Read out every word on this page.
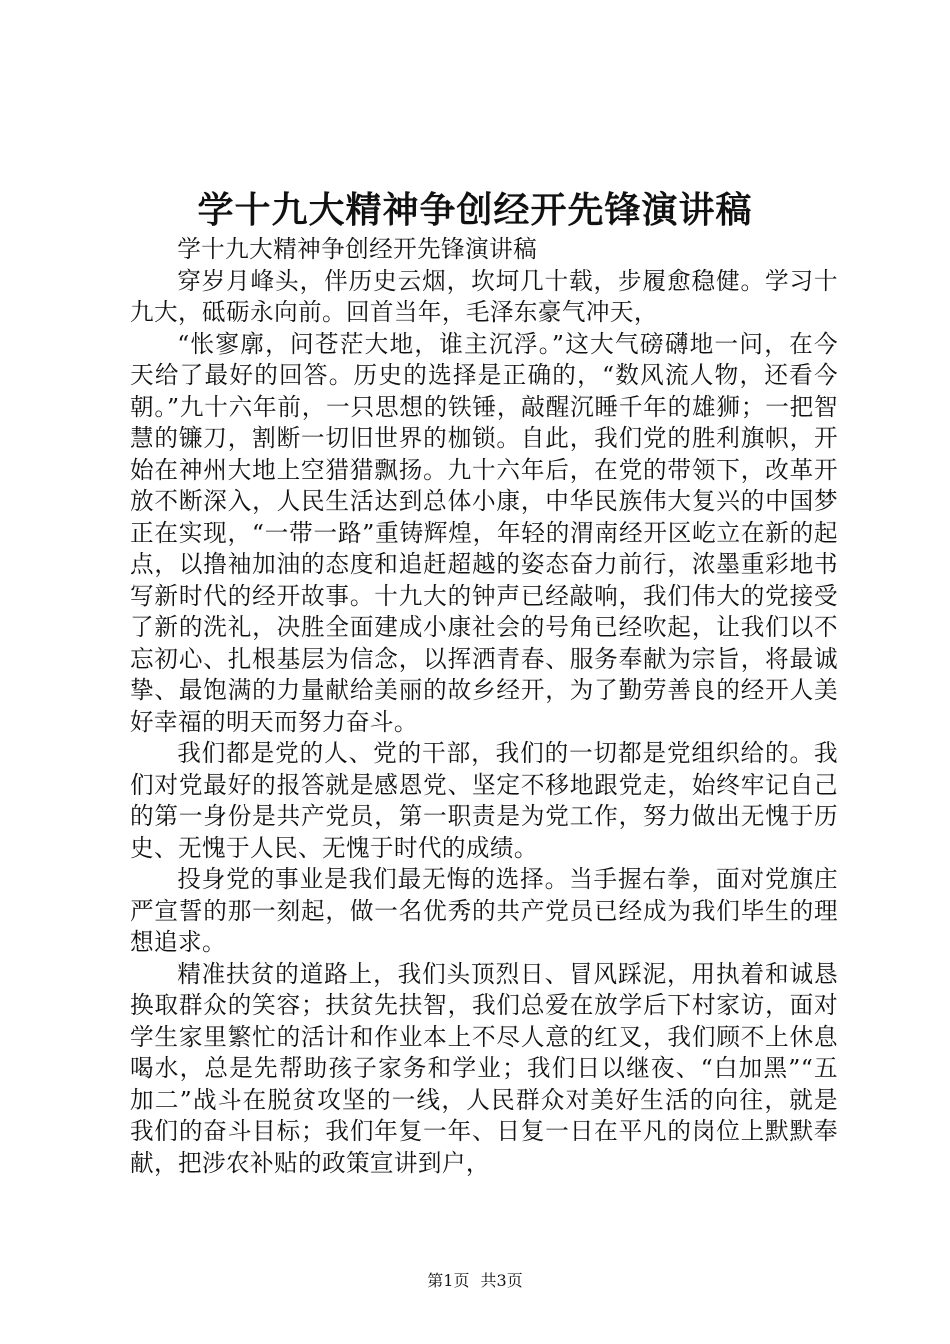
学十九大精神争创经开先锋演讲稿

学十九大精神争创经开先锋演讲稿

穿岁月峰头，伴历史云烟，坎坷几十载，步履愈稳健。学习十九大，砥砺永向前。回首当年，毛泽东豪气冲天，

“怅寥廓，问苍茫大地，谁主沉浮。”这大气磅礴地一问，在今天给了最好的回答。历史的选择是正确的，“数风流人物，还看今朝。”九十六年前，一只思想的铁锤，敲醒沉睡千年的雄狮；一把智慧的镰刀，割断一切旧世界的枷锁。自此，我们党的胜利旗帜，开始在神州大地上空猎猎飘扬。九十六年后，在党的带领下，改革开放不断深入，人民生活达到总体小康，中华民族伟大复兴的中国梦正在实现，“一带一路”重铸辉煌，年轻的渭南经开区屹立在新的起点，以撸袖加油的态度和追赶超越的姿态奋力前行，浓墨重彩地书写新时代的经开故事。十九大的钟声已经敲响，我们伟大的党接受了新的洗礼，决胜全面建成小康社会的号角已经吹起，让我们以不忘初心、扎根基层为信念，以挥洒青春、服务奉献为宗旨，将最诚挚、最饱满的力量献给美丽的故乡经开，为了勤劳善良的经开人美好幸福的明天而努力奋斗。

我们都是党的人、党的干部，我们的一切都是党组织给的。我们对党最好的报答就是感恩党、坚定不移地跟党走，始终牢记自己的第一身份是共产党员，第一职责是为党工作，努力做出无愧于历史、无愧于人民、无愧于时代的成绩。

投身党的事业是我们最无悔的选择。当手握右拳，面对党旗庄严宣誓的那一刻起，做一名优秀的共产党员已经成为我们毕生的理想追求。

精准扶贫的道路上，我们头顶烈日、冒风踩泥，用执着和诚恳换取群众的笑容；扶贫先扶智，我们总爱在放学后下村家访，面对学生家里繁忙的活计和作业本上不尽人意的红叉，我们顾不上休息喝水，总是先帮助孩子家务和学业；我们日以继夜、“白加黑”“五加二”战斗在脱贫攻坚的一线，人民群众对美好生活的向往，就是我们的奋斗目标；我们年复一年、日复一日在平凡的岗位上默默奉献，把涉农补贴的政策宣讲到户，

第1页 共3页
